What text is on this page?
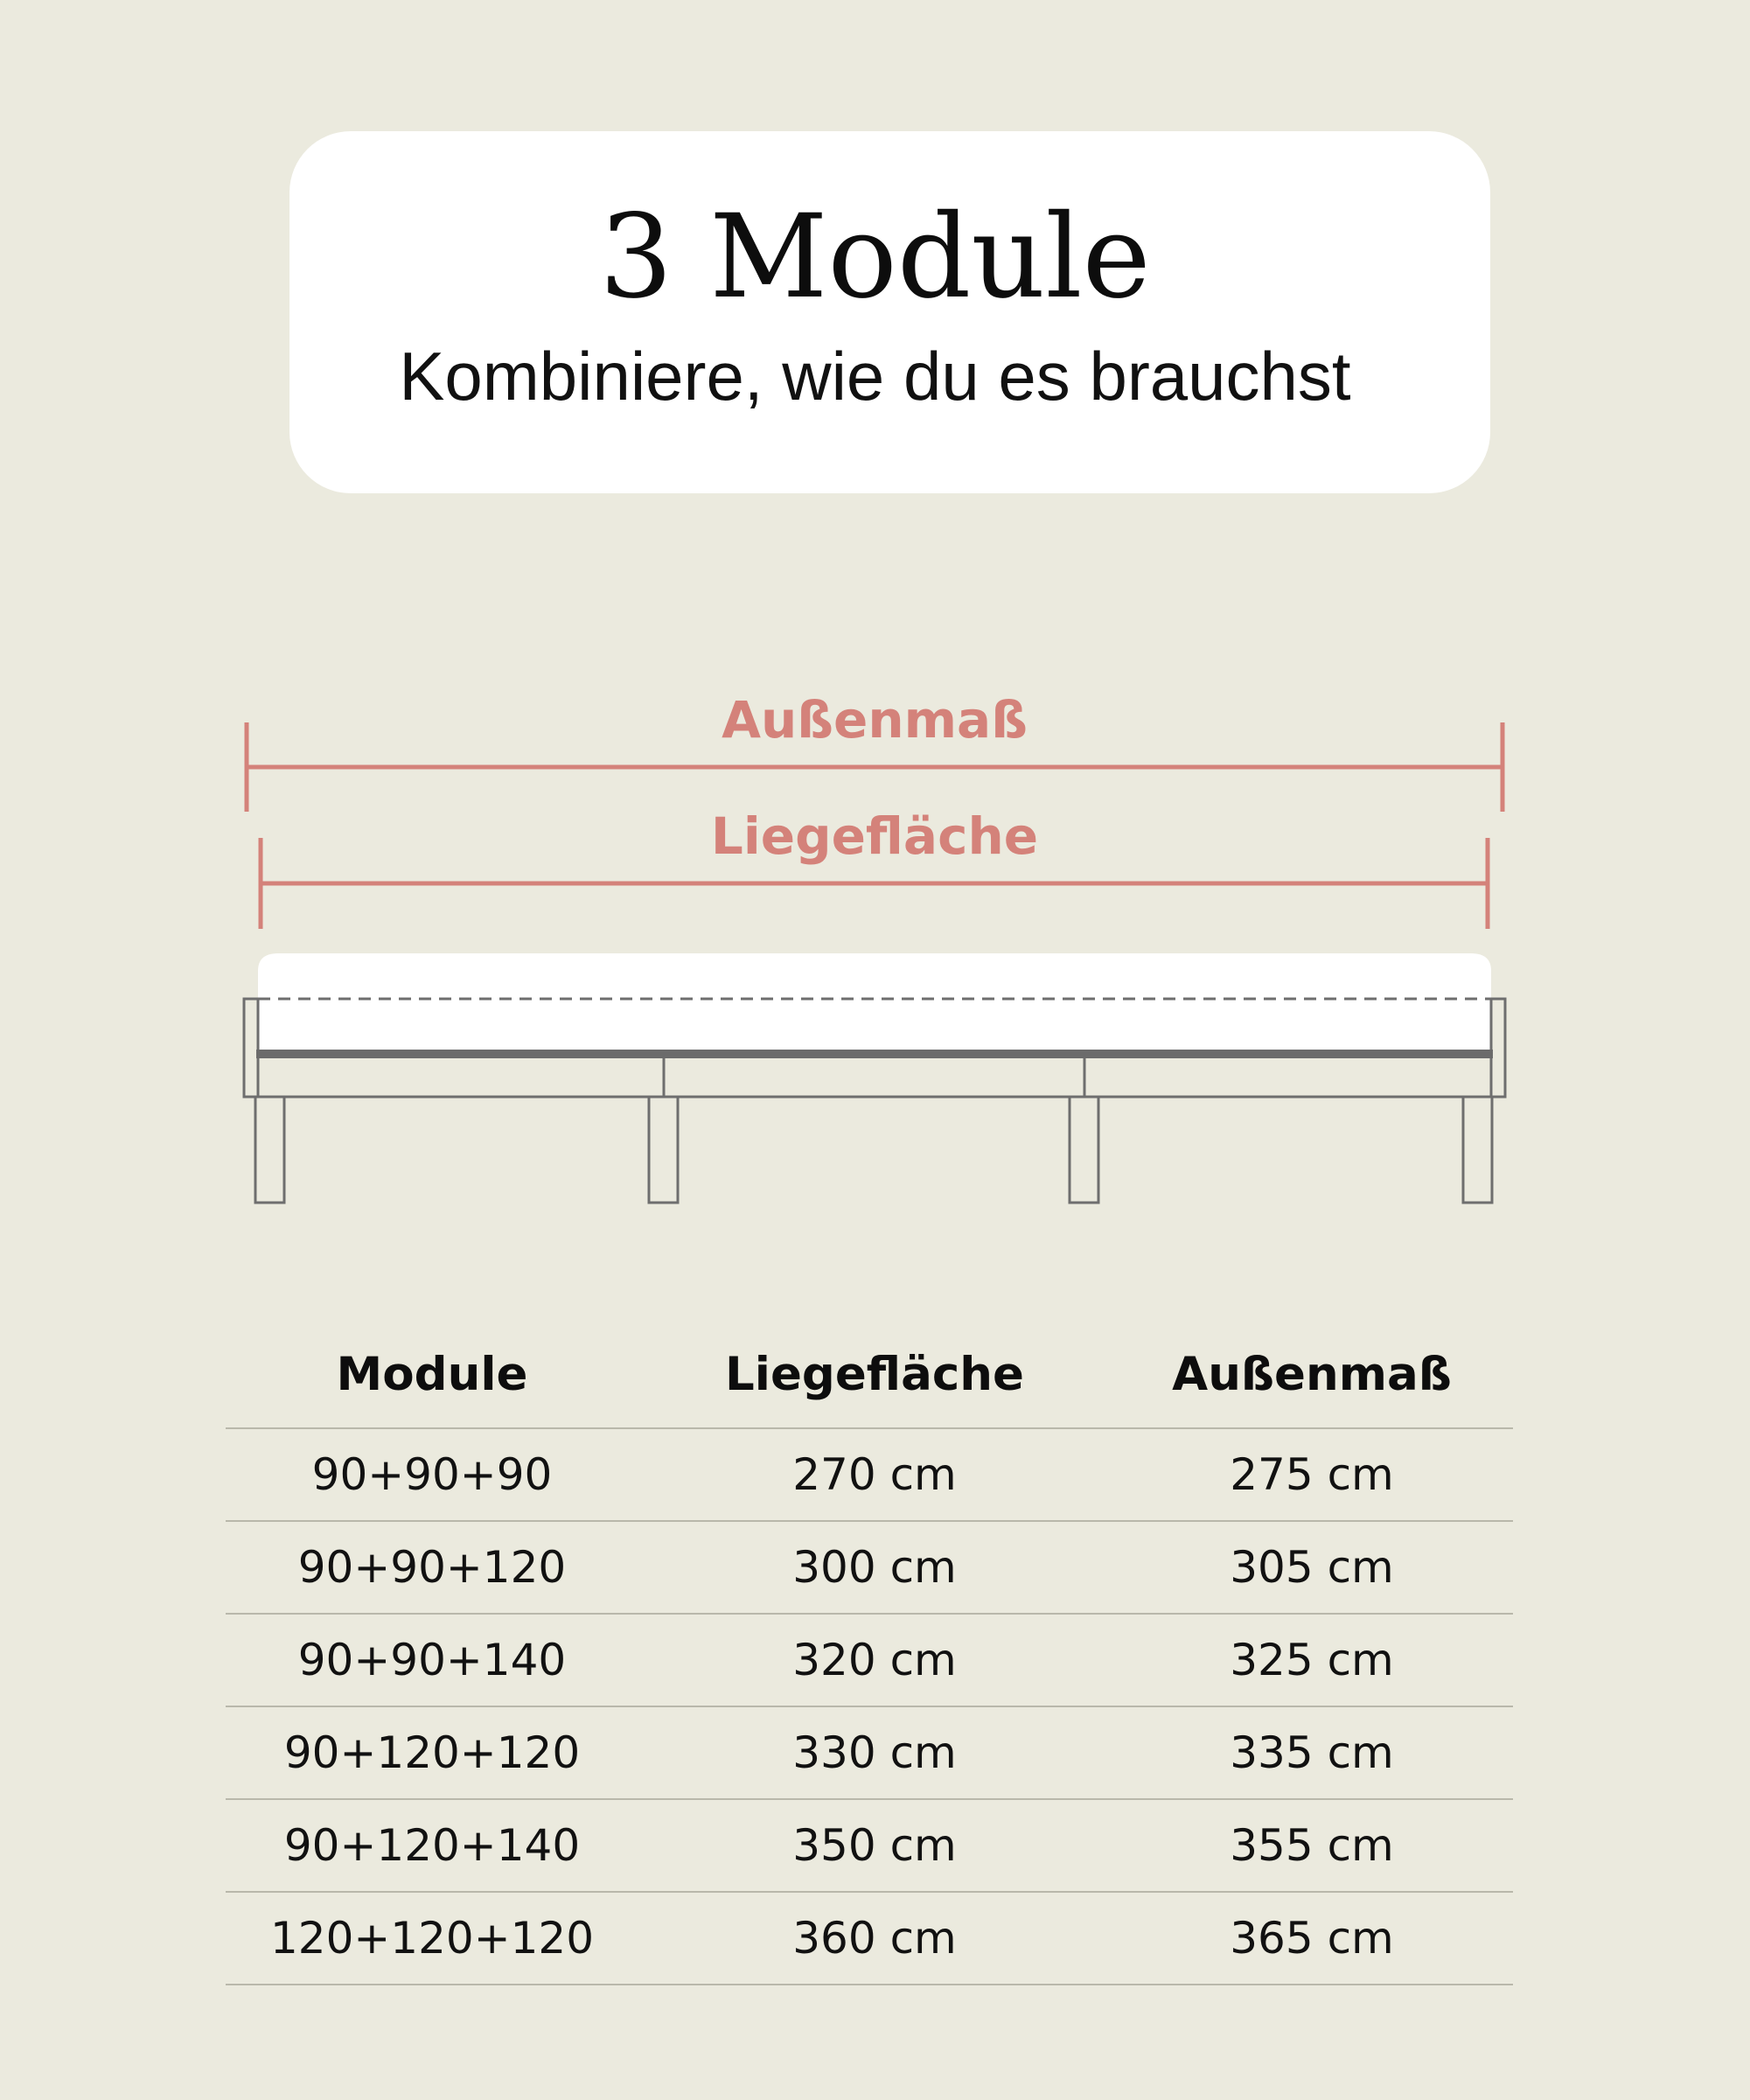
3 Module
Kombiniere, wie du es brauchst
Außenmaß
Liegefläche
Module	Liegefläche	Außenmaß
90+90+90	270 cm	275 cm
90+90+120	300 cm	305 cm
90+90+140	320 cm	325 cm
90+120+120	330 cm	335 cm
90+120+140	350 cm	355 cm
120+120+120	360 cm	365 cm
